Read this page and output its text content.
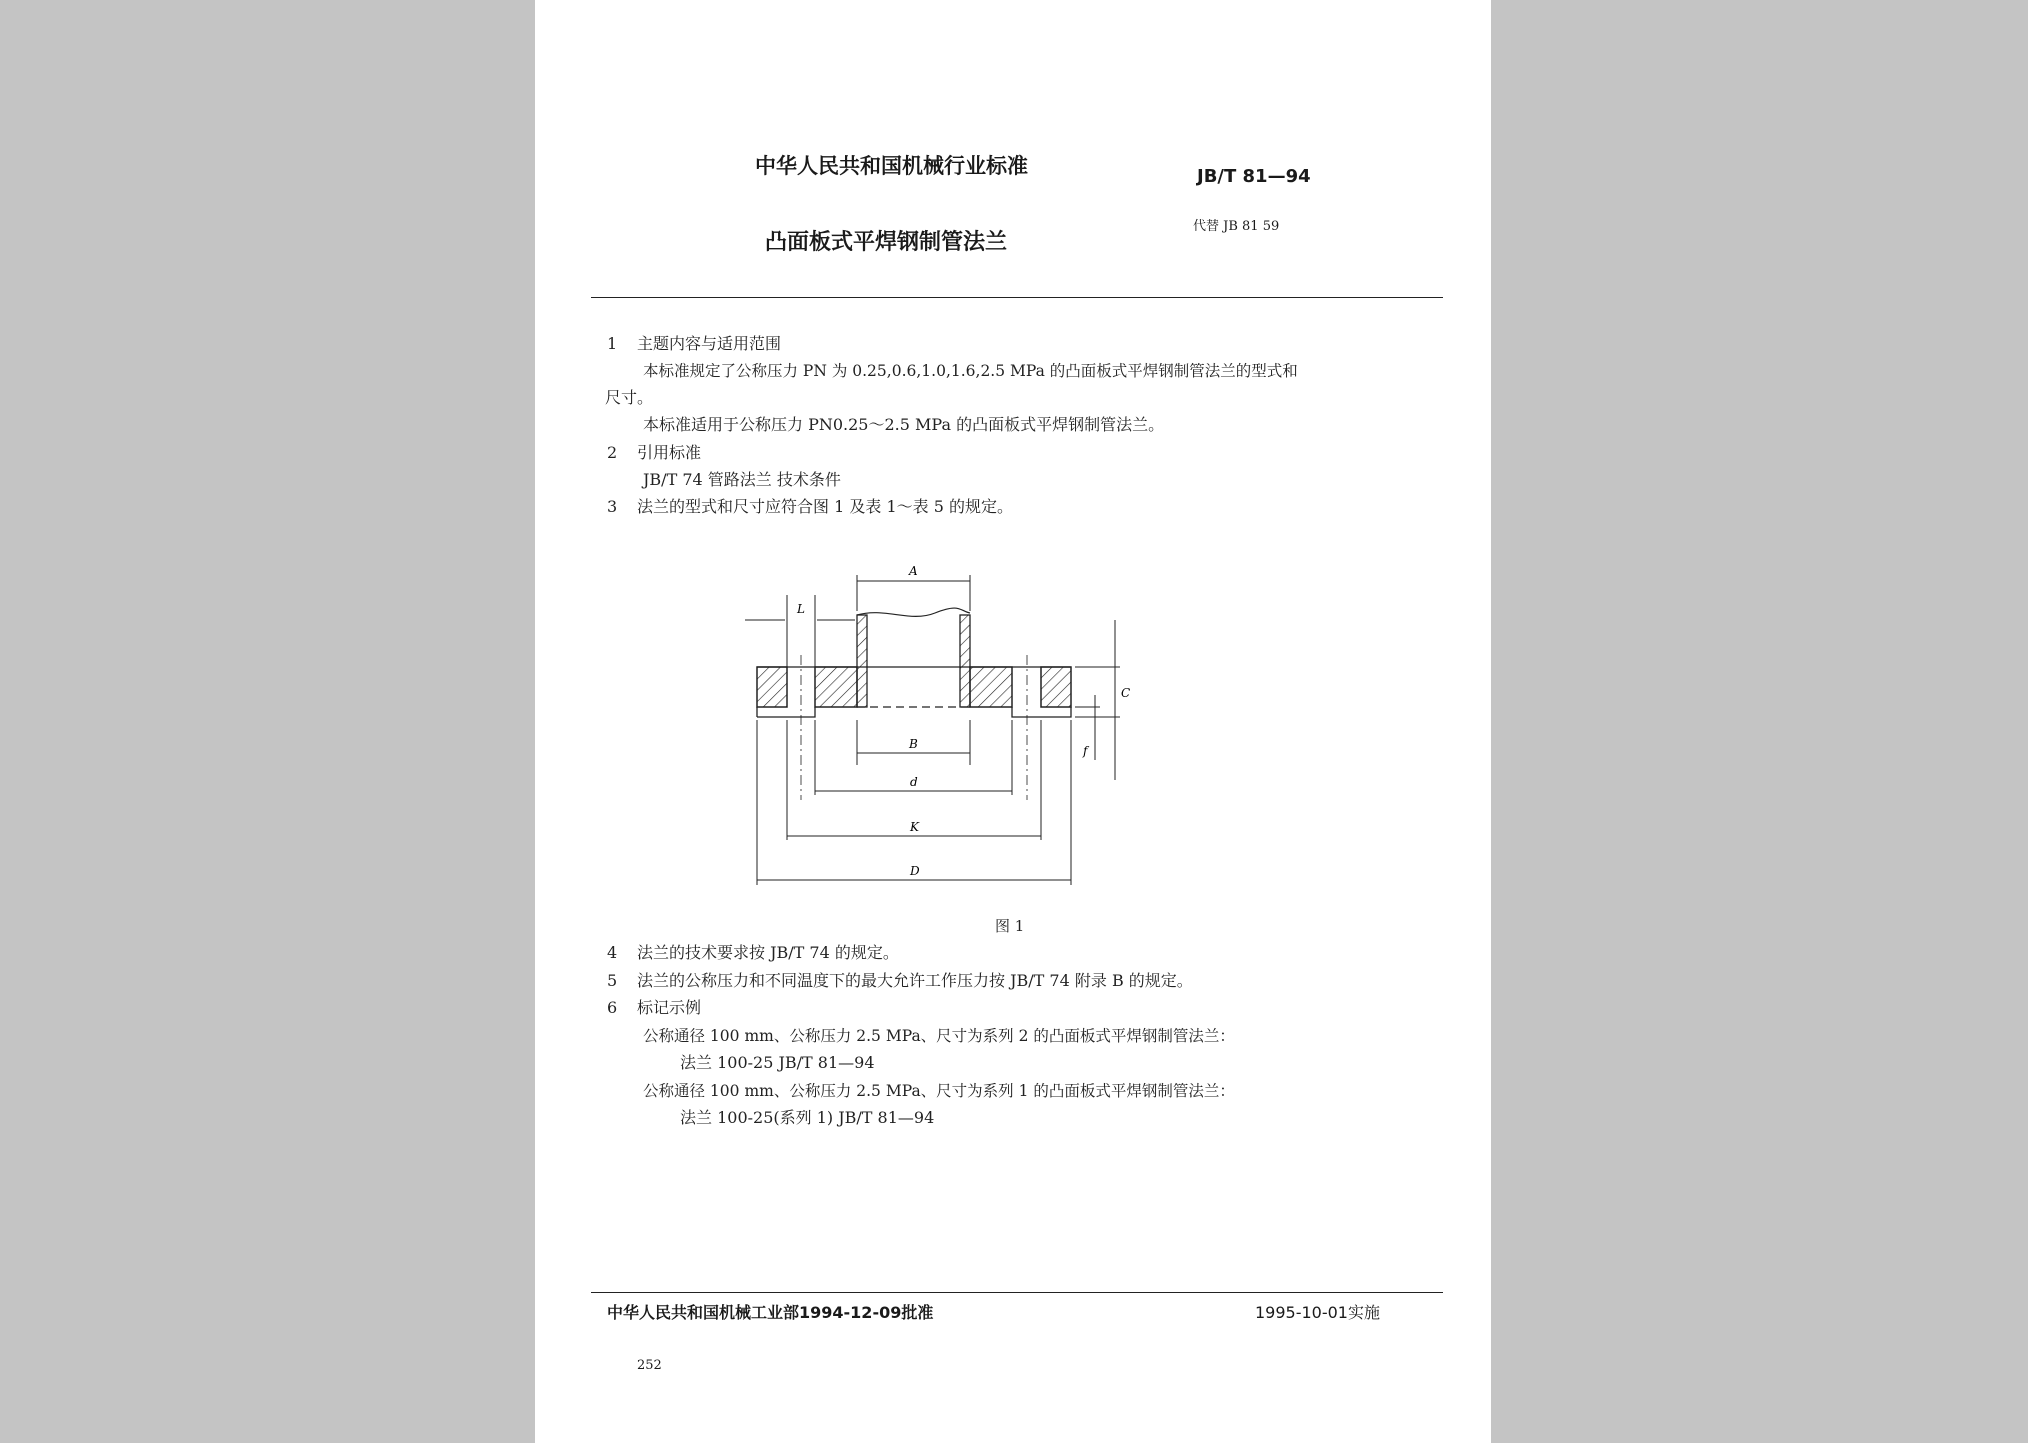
中华人民共和国机械行业标准	JB/T 81—94
凸面板式平焊钢制管法兰
代替 JB 81 59
1 主题内容与适用范围
本标准规定了公称压力 PN 为 0.25,0.6,1.0,1.6,2.5 MPa 的凸面板式平焊钢制管法兰的型式和
尺寸。
本标准适用于公称压力 PN0.25～2.5 MPa 的凸面板式平焊钢制管法兰。
2 引用标准
JB/T 74 管路法兰 技术条件
3 法兰的型式和尺寸应符合图 1 及表 1～表 5 的规定。
A
L
B
d
K
D
C
f
图 1
4 法兰的技术要求按 JB/T 74 的规定。
5 法兰的公称压力和不同温度下的最大允许工作压力按 JB/T 74 附录 B 的规定。
6 标记示例
公称通径 100 mm、公称压力 2.5 MPa、尺寸为系列 2 的凸面板式平焊钢制管法兰：
法兰 100-25 JB/T 81—94
公称通径 100 mm、公称压力 2.5 MPa、尺寸为系列 1 的凸面板式平焊钢制管法兰：
法兰 100-25(系列 1) JB/T 81—94
中华人民共和国机械工业部1994-12-09批准	1995-10-01实施
252
